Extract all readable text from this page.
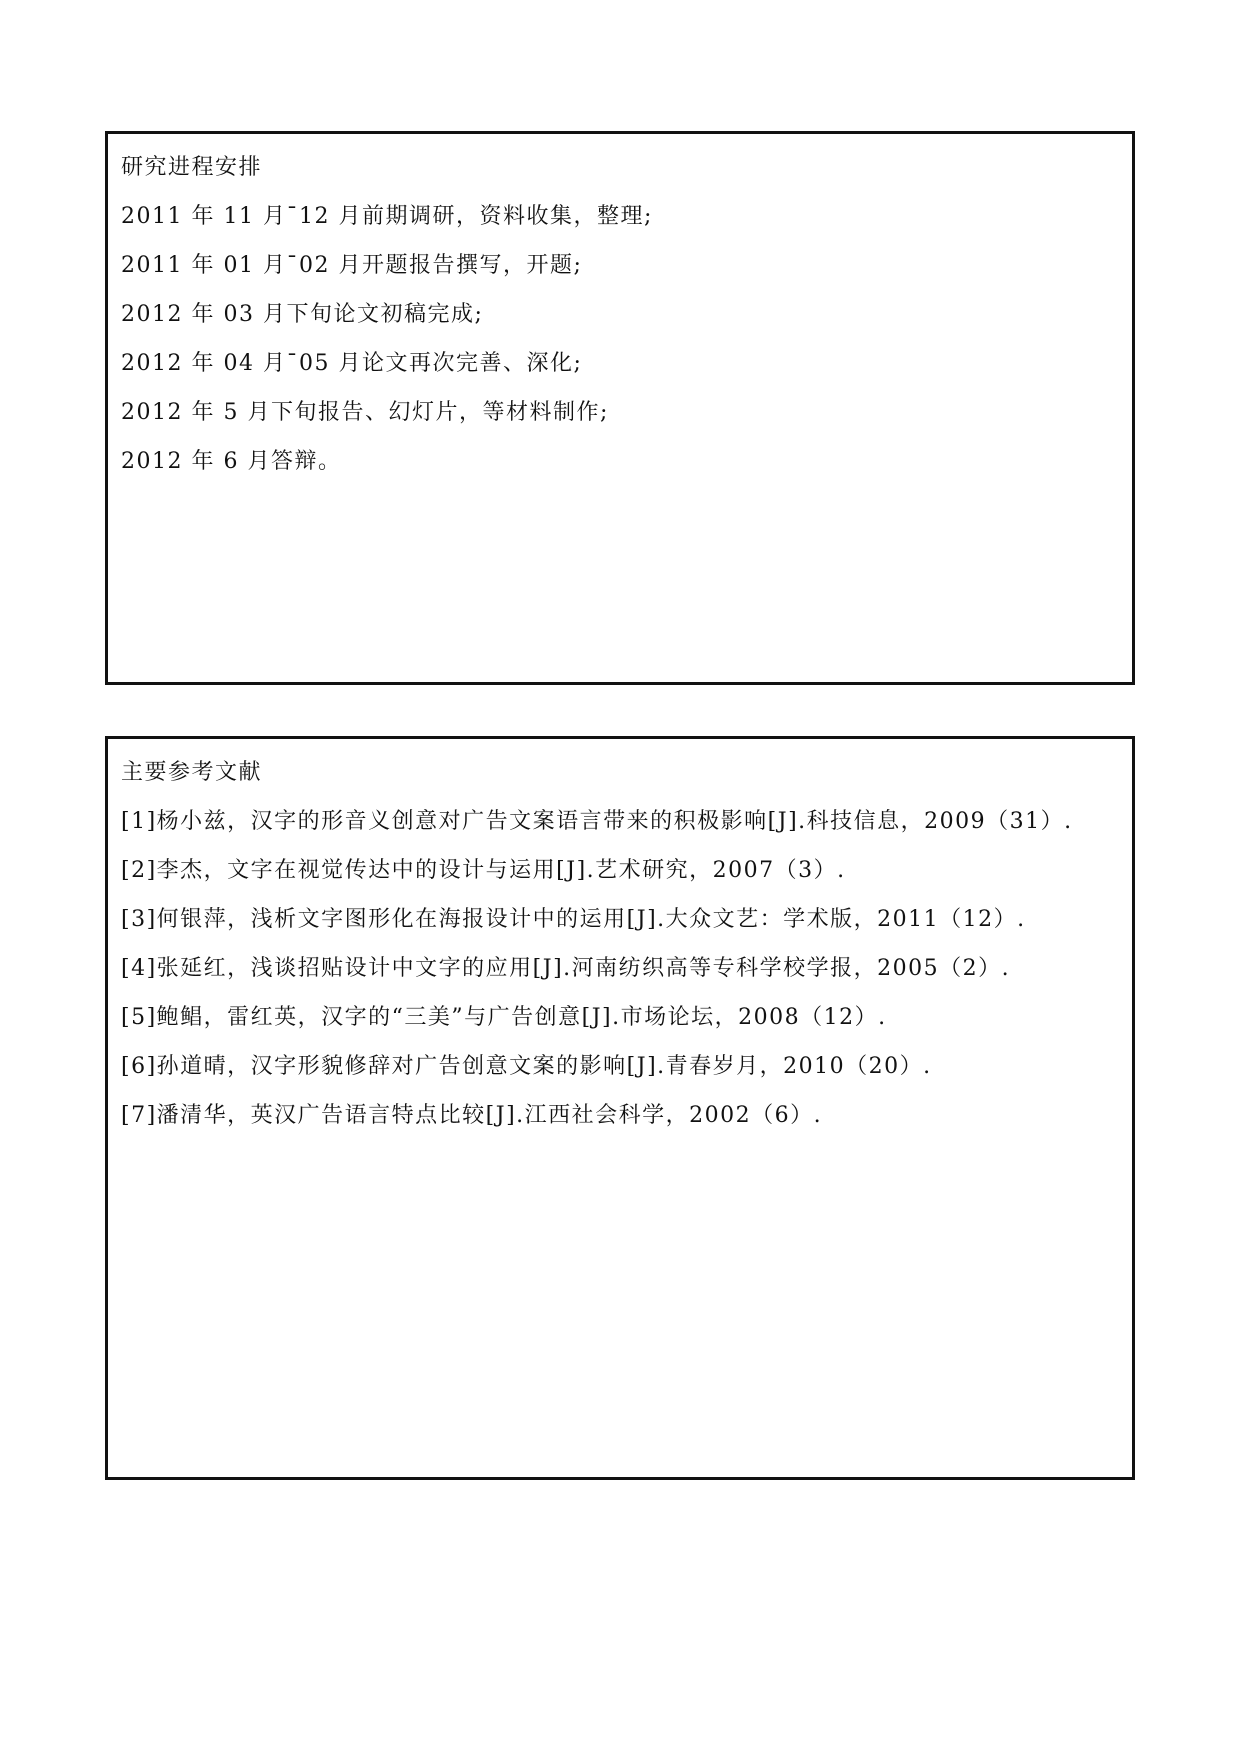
研究进程安排
2011 年 11 月¯12 月前期调研，资料收集，整理;
2011 年 01 月¯02 月开题报告撰写，开题;
2012 年 03 月下旬论文初稿完成;
2012 年 04 月¯05 月论文再次完善、深化;
2012 年 5 月下旬报告、幻灯片，等材料制作;
2012 年 6 月答辩。
主要参考文献
[1]杨小兹，汉字的形音义创意对广告文案语言带来的积极影响[J].科技信息，2009（31）.
[2]李杰，文字在视觉传达中的设计与运用[J].艺术研究，2007（3）.
[3]何银萍，浅析文字图形化在海报设计中的运用[J].大众文艺：学术版，2011（12）.
[4]张延红，浅谈招贴设计中文字的应用[J].河南纺织高等专科学校学报，2005（2）.
[5]鲍鲳，雷红英，汉字的“三美”与广告创意[J].市场论坛，2008（12）.
[6]孙道晴，汉字形貌修辞对广告创意文案的影响[J].青春岁月，2010（20）.
[7]潘清华，英汉广告语言特点比较[J].江西社会科学，2002（6）.
